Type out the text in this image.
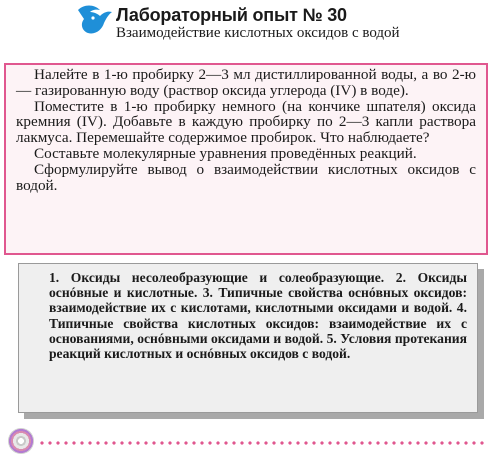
Лабораторный опыт № 30
Взаимодействие кислотных оксидов с водой

Налейте в 1-ю пробирку 2—3 мл дистиллированной воды, а во 2-ю — газированную воду (раствор оксида углерода (IV) в воде).

Поместите в 1-ю пробирку немного (на кончике шпателя) оксида кремния (IV). Добавьте в каждую пробирку по 2—3 капли раствора лакмуса. Перемешайте содержимое пробирок. Что наблюдаете?

Составьте молекулярные уравнения проведённых реакций.

Сформулируйте вывод о взаимодействии кислотных оксидов с водой.

1. Оксиды несолеобразующие и солеобразующие. 2. Оксиды оснóвные и кислотные. 3. Типичные свойства оснóвных оксидов: взаимодействие их с кислотами, кислотными оксидами и водой. 4. Типичные свойства кислотных оксидов: взаимодействие их с основаниями, оснóвными оксидами и водой. 5. Условия протекания реакций кислотных и оснóвных оксидов с водой.
